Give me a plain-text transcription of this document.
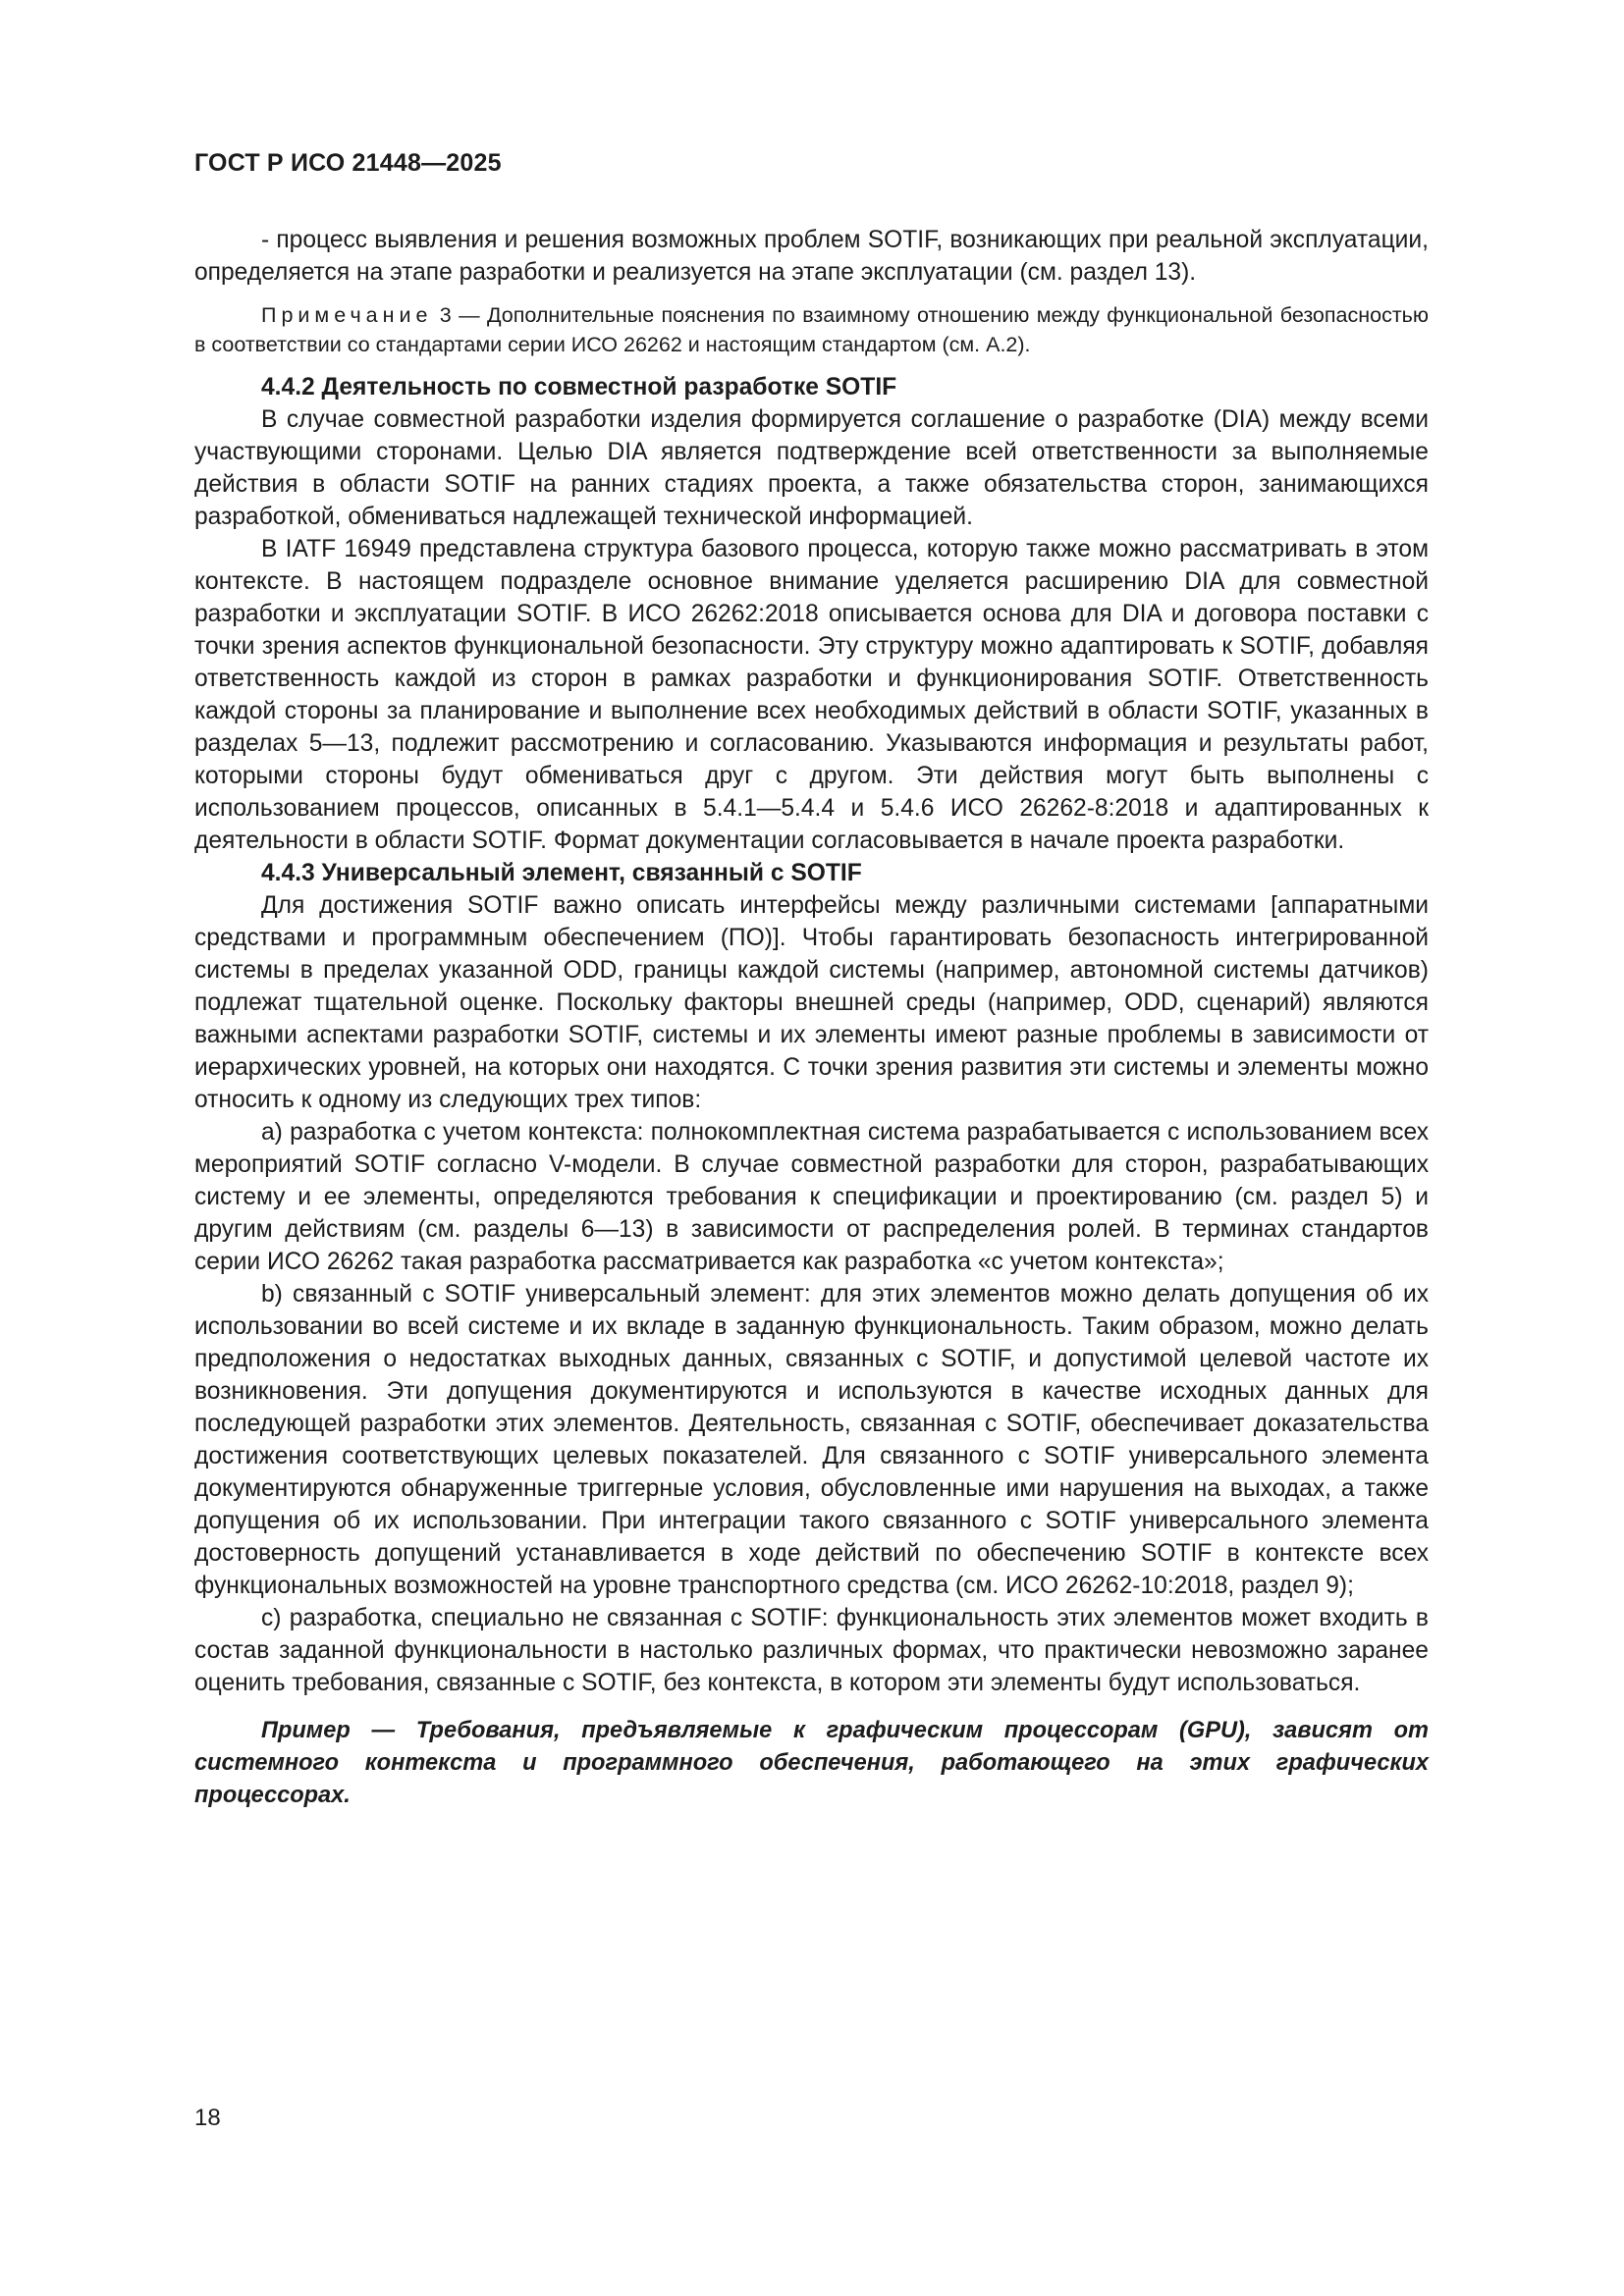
ГОСТ Р ИСО 21448—2025

- процесс выявления и решения возможных проблем SOTIF, возникающих при реальной эксплуатации, определяется на этапе разработки и реализуется на этапе эксплуатации (см. раздел 13).

Примечание 3 — Дополнительные пояснения по взаимному отношению между функциональной безопасностью в соответствии со стандартами серии ИСО 26262 и настоящим стандартом (см. А.2).
4.4.2 Деятельность по совместной разработке SOTIF

В случае совместной разработки изделия формируется соглашение о разработке (DIA) между всеми участвующими сторонами. Целью DIA является подтверждение всей ответственности за выполняемые действия в области SOTIF на ранних стадиях проекта, а также обязательства сторон, занимающихся разработкой, обмениваться надлежащей технической информацией.

В IATF 16949 представлена структура базового процесса, которую также можно рассматривать в этом контексте. В настоящем подразделе основное внимание уделяется расширению DIA для совместной разработки и эксплуатации SOTIF. В ИСО 26262:2018 описывается основа для DIA и договора поставки с точки зрения аспектов функциональной безопасности. Эту структуру можно адаптировать к SOTIF, добавляя ответственность каждой из сторон в рамках разработки и функционирования SOTIF. Ответственность каждой стороны за планирование и выполнение всех необходимых действий в области SOTIF, указанных в разделах 5—13, подлежит рассмотрению и согласованию. Указываются информация и результаты работ, которыми стороны будут обмениваться друг с другом. Эти действия могут быть выполнены с использованием процессов, описанных в 5.4.1—5.4.4 и 5.4.6 ИСО 26262-8:2018 и адаптированных к деятельности в области SOTIF. Формат документации согласовывается в начале проекта разработки.

4.4.3 Универсальный элемент, связанный с SOTIF

Для достижения SOTIF важно описать интерфейсы между различными системами [аппаратными средствами и программным обеспечением (ПО)]. Чтобы гарантировать безопасность интегрированной системы в пределах указанной ODD, границы каждой системы (например, автономной системы датчиков) подлежат тщательной оценке. Поскольку факторы внешней среды (например, ODD, сценарий) являются важными аспектами разработки SOTIF, системы и их элементы имеют разные проблемы в зависимости от иерархических уровней, на которых они находятся. С точки зрения развития эти системы и элементы можно относить к одному из следующих трех типов:

а) разработка с учетом контекста: полнокомплектная система разрабатывается с использованием всех мероприятий SOTIF согласно V-модели. В случае совместной разработки для сторон, разрабатывающих систему и ее элементы, определяются требования к спецификации и проектированию (см. раздел 5) и другим действиям (см. разделы 6—13) в зависимости от распределения ролей. В терминах стандартов серии ИСО 26262 такая разработка рассматривается как разработка «с учетом контекста»;

b) связанный с SOTIF универсальный элемент: для этих элементов можно делать допущения об их использовании во всей системе и их вкладе в заданную функциональность. Таким образом, можно делать предположения о недостатках выходных данных, связанных с SOTIF, и допустимой целевой частоте их возникновения. Эти допущения документируются и используются в качестве исходных данных для последующей разработки этих элементов. Деятельность, связанная с SOTIF, обеспечивает доказательства достижения соответствующих целевых показателей. Для связанного с SOTIF универсального элемента документируются обнаруженные триггерные условия, обусловленные ими нарушения на выходах, а также допущения об их использовании. При интеграции такого связанного с SOTIF универсального элемента достоверность допущений устанавливается в ходе действий по обеспечению SOTIF в контексте всех функциональных возможностей на уровне транспортного средства (см. ИСО 26262-10:2018, раздел 9);

с) разработка, специально не связанная с SOTIF: функциональность этих элементов может входить в состав заданной функциональности в настолько различных формах, что практически невозможно заранее оценить требования, связанные с SOTIF, без контекста, в котором эти элементы будут использоваться.

Пример — Требования, предъявляемые к графическим процессорам (GPU), зависят от системного контекста и программного обеспечения, работающего на этих графических процессорах.
18
